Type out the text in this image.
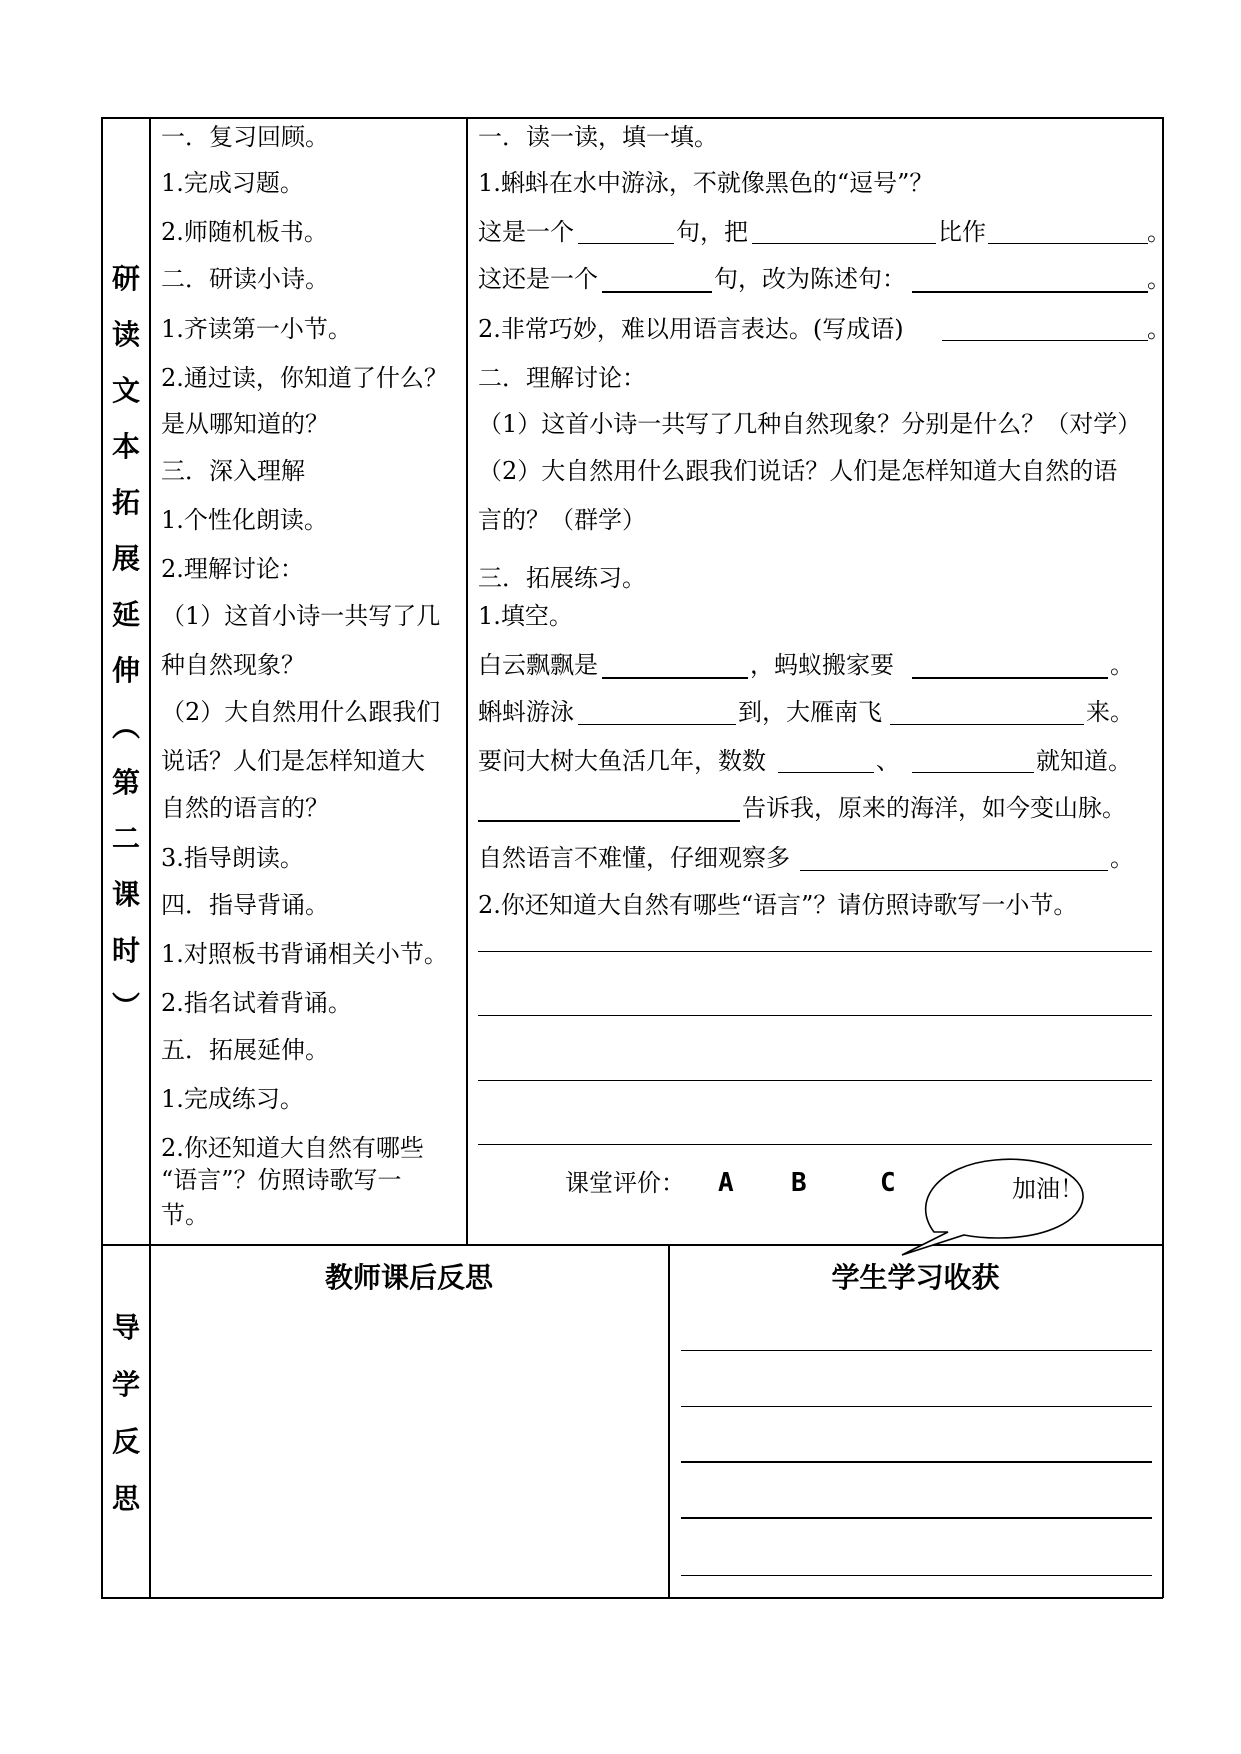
研
读
文
本
拓
展
延
伸
︵
第
二
课
时
︶
一．复习回顾。
1.完成习题。
2.师随机板书。
二．研读小诗。
1.齐读第一小节。
2.通过读，你知道了什么？
是从哪知道的？
三．深入理解
1.个性化朗读。
2.理解讨论：
（1）这首小诗一共写了几
种自然现象？
（2）大自然用什么跟我们
说话？人们是怎样知道大
自然的语言的？
3.指导朗读。
四．指导背诵。
1.对照板书背诵相关小节。
2.指名试着背诵。
五．拓展延伸。
1.完成练习。
2.你还知道大自然有哪些
“语言”？仿照诗歌写一
节。
一．读一读，填一填。
1.蝌蚪在水中游泳，不就像黑色的“逗号”？
这是一个	句，把	比作	。
这还是一个	句，改为陈述句：	。
2.非常巧妙，难以用语言表达。(写成语)	。
二．理解讨论：
（1）这首小诗一共写了几种自然现象？分别是什么？（对学）
（2）大自然用什么跟我们说话？人们是怎样知道大自然的语
言的？（群学）
三．拓展练习。
1.填空。
白云飘飘是	，蚂蚁搬家要	。
蝌蚪游泳	到，大雁南飞	来。
要问大树大鱼活几年，数数	、	就知道。
告诉我，原来的海洋，如今变山脉。
自然语言不难懂，仔细观察多	。
2.你还知道大自然有哪些“语言”？请仿照诗歌写一小节。
课堂评价： A B	C	加油！
导
学
反
思
教师课后反思	学生学习收获
